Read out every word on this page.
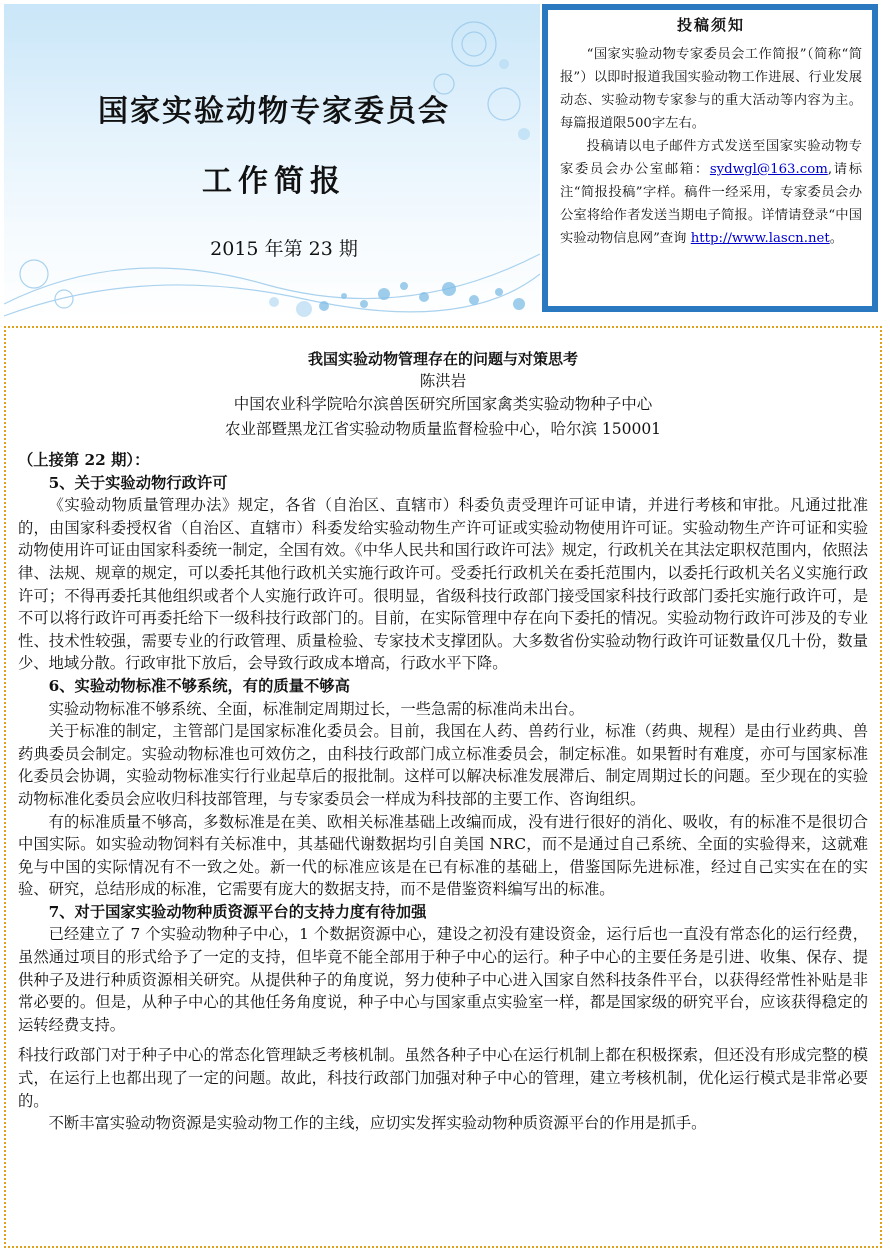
国家实验动物专家委员会
工作简报
2015 年第 23 期
投稿须知

“国家实验动物专家委员会工作简报”（简称“简报”）以即时报道我国实验动物工作进展、行业发展动态、实验动物专家参与的重大活动等内容为主。每篇报道限500字左右。

投稿请以电子邮件方式发送至国家实验动物专家委员会办公室邮箱：sydwgl@163.com,请标注“简报投稿”字样。稿件一经采用，专家委员会办公室将给作者发送当期电子简报。详情请登录“中国实验动物信息网”查询 http://www.lascn.net。

我国实验动物管理存在的问题与对策思考
陈洪岩
中国农业科学院哈尔滨兽医研究所国家禽类实验动物种子中心
农业部暨黑龙江省实验动物质量监督检验中心，哈尔滨 150001
（上接第 22 期）：
5、关于实验动物行政许可

《实验动物质量管理办法》规定，各省（自治区、直辖市）科委负责受理许可证申请，并进行考核和审批。凡通过批准的，由国家科委授权省（自治区、直辖市）科委发给实验动物生产许可证或实验动物使用许可证。实验动物生产许可证和实验动物使用许可证由国家科委统一制定，全国有效。《中华人民共和国行政许可法》规定，行政机关在其法定职权范围内，依照法律、法规、规章的规定，可以委托其他行政机关实施行政许可。受委托行政机关在委托范围内，以委托行政机关名义实施行政许可；不得再委托其他组织或者个人实施行政许可。很明显，省级科技行政部门接受国家科技行政部门委托实施行政许可，是不可以将行政许可再委托给下一级科技行政部门的。目前，在实际管理中存在向下委托的情况。实验动物行政许可涉及的专业性、技术性较强，需要专业的行政管理、质量检验、专家技术支撑团队。大多数省份实验动物行政许可证数量仅几十份，数量少、地域分散。行政审批下放后，会导致行政成本增高，行政水平下降。

6、实验动物标准不够系统，有的质量不够高

实验动物标准不够系统、全面，标准制定周期过长，一些急需的标准尚未出台。

关于标准的制定，主管部门是国家标准化委员会。目前，我国在人药、兽药行业，标准（药典、规程）是由行业药典、兽药典委员会制定。实验动物标准也可效仿之，由科技行政部门成立标准委员会，制定标准。如果暂时有难度，亦可与国家标准化委员会协调，实验动物标准实行行业起草后的报批制。这样可以解决标准发展滞后、制定周期过长的问题。至少现在的实验动物标准化委员会应收归科技部管理，与专家委员会一样成为科技部的主要工作、咨询组织。

有的标准质量不够高，多数标准是在美、欧相关标准基础上改编而成，没有进行很好的消化、吸收，有的标准不是很切合中国实际。如实验动物饲料有关标准中，其基础代谢数据均引自美国 NRC，而不是通过自己系统、全面的实验得来，这就难免与中国的实际情况有不一致之处。新一代的标准应该是在已有标准的基础上，借鉴国际先进标准，经过自己实实在在的实验、研究，总结形成的标准，它需要有庞大的数据支持，而不是借鉴资料编写出的标准。

7、对于国家实验动物种质资源平台的支持力度有待加强

已经建立了 7 个实验动物种子中心，1 个数据资源中心，建设之初没有建设资金，运行后也一直没有常态化的运行经费，虽然通过项目的形式给予了一定的支持，但毕竟不能全部用于种子中心的运行。种子中心的主要任务是引进、收集、保存、提供种子及进行种质资源相关研究。从提供种子的角度说，努力使种子中心进入国家自然科技条件平台，以获得经常性补贴是非常必要的。但是，从种子中心的其他任务角度说，种子中心与国家重点实验室一样，都是国家级的研究平台，应该获得稳定的运转经费支持。

科技行政部门对于种子中心的常态化管理缺乏考核机制。虽然各种子中心在运行机制上都在积极探索，但还没有形成完整的模式，在运行上也都出现了一定的问题。故此，科技行政部门加强对种子中心的管理，建立考核机制，优化运行模式是非常必要的。

不断丰富实验动物资源是实验动物工作的主线，应切实发挥实验动物种质资源平台的作用是抓手。
